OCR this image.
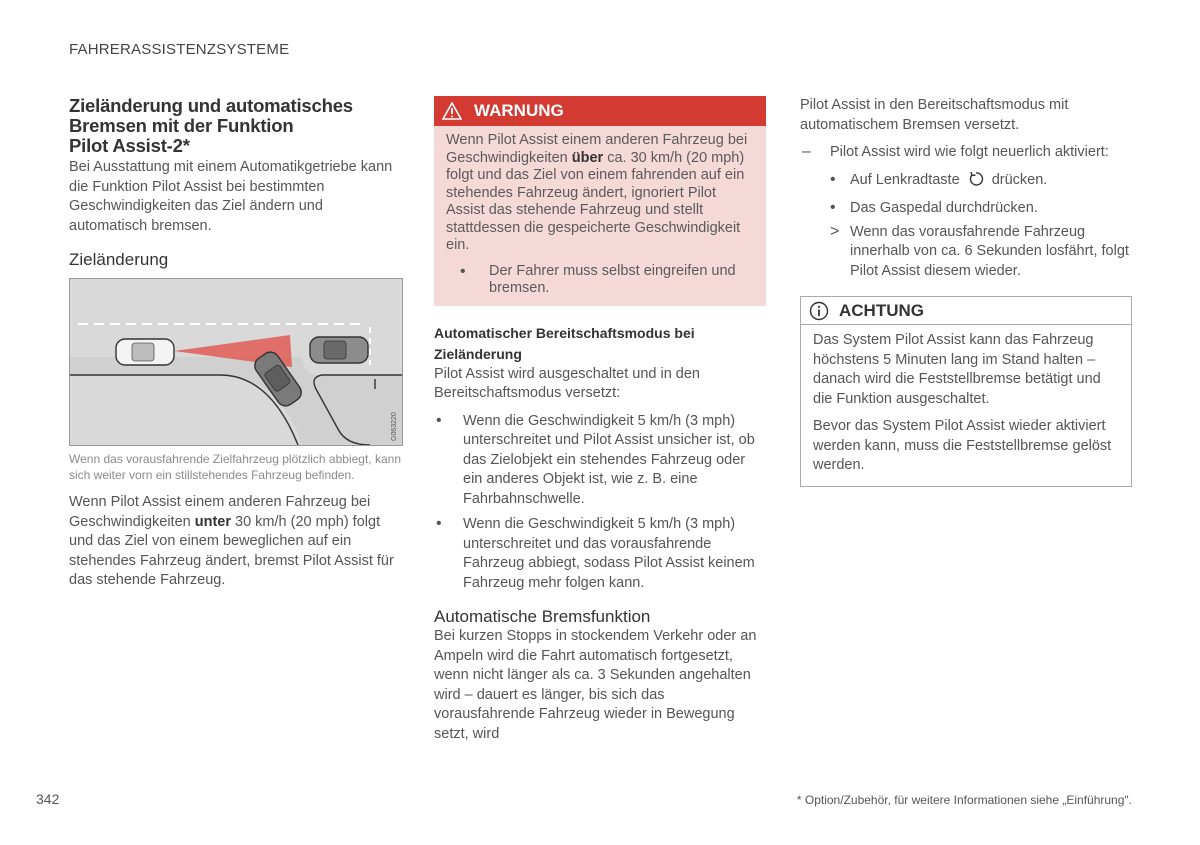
FAHRERASSISTENZSYSTEME
Zieländerung und automatisches
Bremsen mit der Funktion
Pilot Assist-2*

Bei Ausstattung mit einem Automatikgetriebe kann die Funktion Pilot Assist bei bestimmten Geschwindigkeiten das Ziel ändern und automatisch bremsen.

Zieländerung
G063220

Wenn das vorausfahrende Zielfahrzeug plötzlich abbiegt, kann sich weiter vorn ein stillstehendes Fahrzeug befinden.

Wenn Pilot Assist einem anderen Fahrzeug bei Geschwindigkeiten unter 30 km/h (20 mph) folgt und das Ziel von einem beweglichen auf ein stehendes Fahrzeug ändert, bremst Pilot Assist für das stehende Fahrzeug.

WARNUNG

Wenn Pilot Assist einem anderen Fahrzeug bei Geschwindigkeiten über ca. 30 km/h (20 mph) folgt und das Ziel von einem fahrenden auf ein stehendes Fahrzeug ändert, ignoriert Pilot Assist das stehende Fahrzeug und stellt stattdessen die gespeicherte Geschwindigkeit ein.

•	Der Fahrer muss selbst eingreifen und bremsen.

Automatischer Bereitschaftsmodus bei Zieländerung

Pilot Assist wird ausgeschaltet und in den Bereitschaftsmodus versetzt:

•	Wenn die Geschwindigkeit 5 km/h (3 mph) unterschreitet und Pilot Assist unsicher ist, ob das Zielobjekt ein stehendes Fahrzeug oder ein anderes Objekt ist, wie z. B. eine Fahrbahnschwelle.

•	Wenn die Geschwindigkeit 5 km/h (3 mph) unterschreitet und das vorausfahrende Fahrzeug abbiegt, sodass Pilot Assist keinem Fahrzeug mehr folgen kann.

Automatische Bremsfunktion

Bei kurzen Stopps in stockendem Verkehr oder an Ampeln wird die Fahrt automatisch fortgesetzt, wenn nicht länger als ca. 3 Sekunden angehalten wird – dauert es länger, bis sich das vorausfahrende Fahrzeug wieder in Bewegung setzt, wird

Pilot Assist in den Bereitschaftsmodus mit automatischem Bremsen versetzt.

–	Pilot Assist wird wie folgt neuerlich aktiviert:

• Auf Lenkradtaste  drücken.

• Das Gaspedal durchdrücken.

> Wenn das vorausfahrende Fahrzeug innerhalb von ca. 6 Sekunden losfährt, folgt Pilot Assist diesem wieder.

ACHTUNG

Das System Pilot Assist kann das Fahrzeug höchstens 5 Minuten lang im Stand halten – danach wird die Feststellbremse betätigt und die Funktion ausgeschaltet.

Bevor das System Pilot Assist wieder aktiviert werden kann, muss die Feststellbremse gelöst werden.

342	* Option/Zubehör, für weitere Informationen siehe „Einführung".
